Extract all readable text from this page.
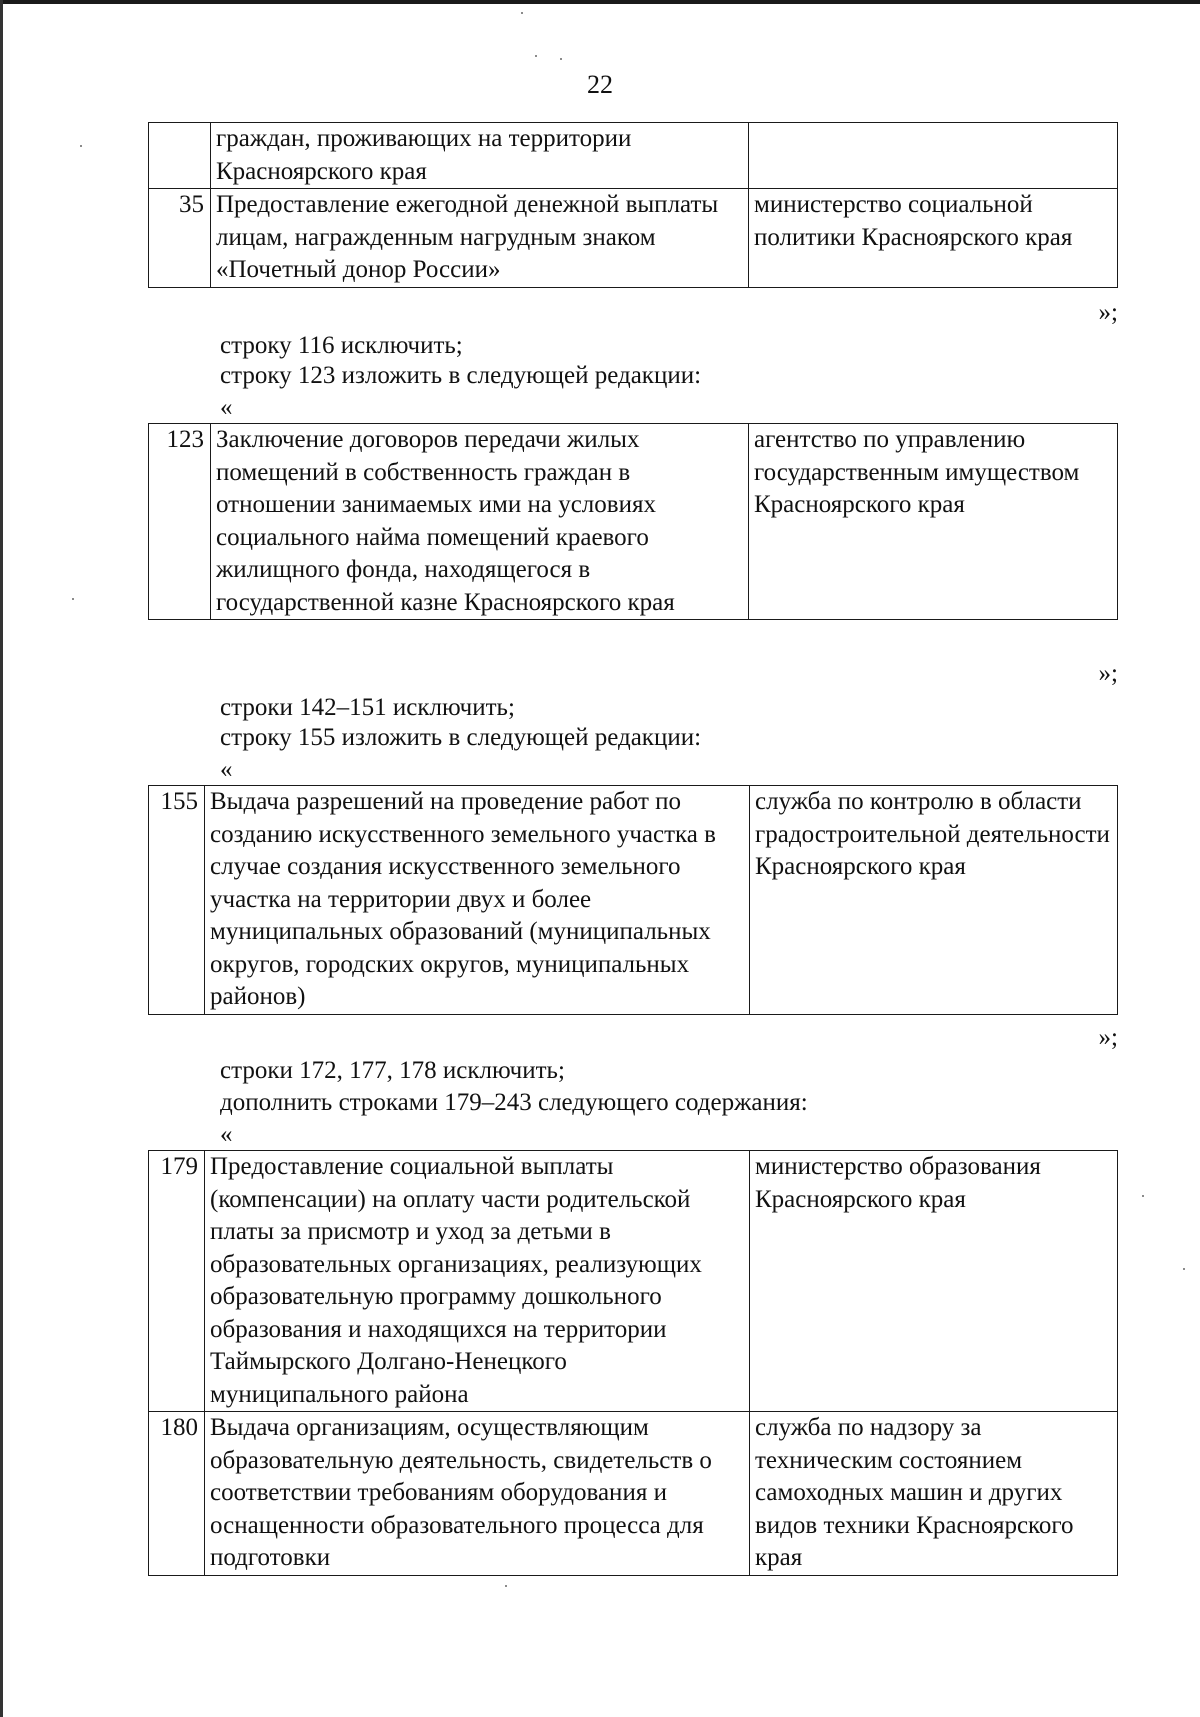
22
	граждан, проживающих на территории Красноярского края	
35	Предоставление ежегодной денежной выплаты лицам, награжденным нагрудным знаком «Почетный донор России»	министерство социальной политики Красноярского края
»;
строку 116 исключить;
строку 123 изложить в следующей редакции:
«
123	Заключение договоров передачи жилых помещений в собственность граждан в отношении занимаемых ими на условиях социального найма помещений краевого жилищного фонда, находящегося в государственной казне Красноярского края	агентство по управлению государственным имуществом Красноярского края
»;
строки 142–151 исключить;
строку 155 изложить в следующей редакции:
«
155	Выдача разрешений на проведение работ по созданию искусственного земельного участка в случае создания искусственного земельного участка на территории двух и более муниципальных образований (муниципальных округов, городских округов, муниципальных районов)	служба по контролю в области градостроительной деятельности Красноярского края
»;
строки 172, 177, 178 исключить;
дополнить строками 179–243 следующего содержания:
«
179	Предоставление социальной выплаты (компенсации) на оплату части родительской платы за присмотр и уход за детьми в образовательных организациях, реализующих образовательную программу дошкольного образования и находящихся на территории Таймырского Долгано-Ненецкого муниципального района	министерство образования Красноярского края
180	Выдача организациям, осуществляющим образовательную деятельность, свидетельств о соответствии требованиям оборудования и оснащенности образовательного процесса для подготовки	служба по надзору за техническим состоянием самоходных машин и других видов техники Красноярского края
